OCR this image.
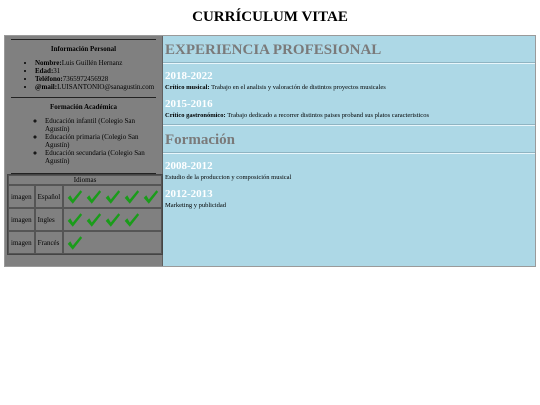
CURRÍCULUM VITAE
Información Personal
• Nombre:Luis Guillén Hernanz
• Edad:31
• Teléfono:7365972456928
• @mail:LUISANTONIO@sanagustin.com
Formación Académica
◦ Educación infantil (Colegio San Agustín)
◦ Educación primaria (Colegio San Agustín)
◦ Educación secundaria (Colegio San Agustín)
Idiomas		
imagen	Español	

imagen	Ingles	

imagen	Francés	
EXPERIENCIA PROFESIONAL
2018-2022

Crítico musical: Trabajo en el analisis y valoración de distintos proyectos musicales

2015-2016

Crítico gastronómico: Trabajo dedicado a recorrer distintos paises proband sus platos caracteristicos

Formación
2008-2012

Estudio de la produccion y composición musical

2012-2013

Marketing y publicidad
